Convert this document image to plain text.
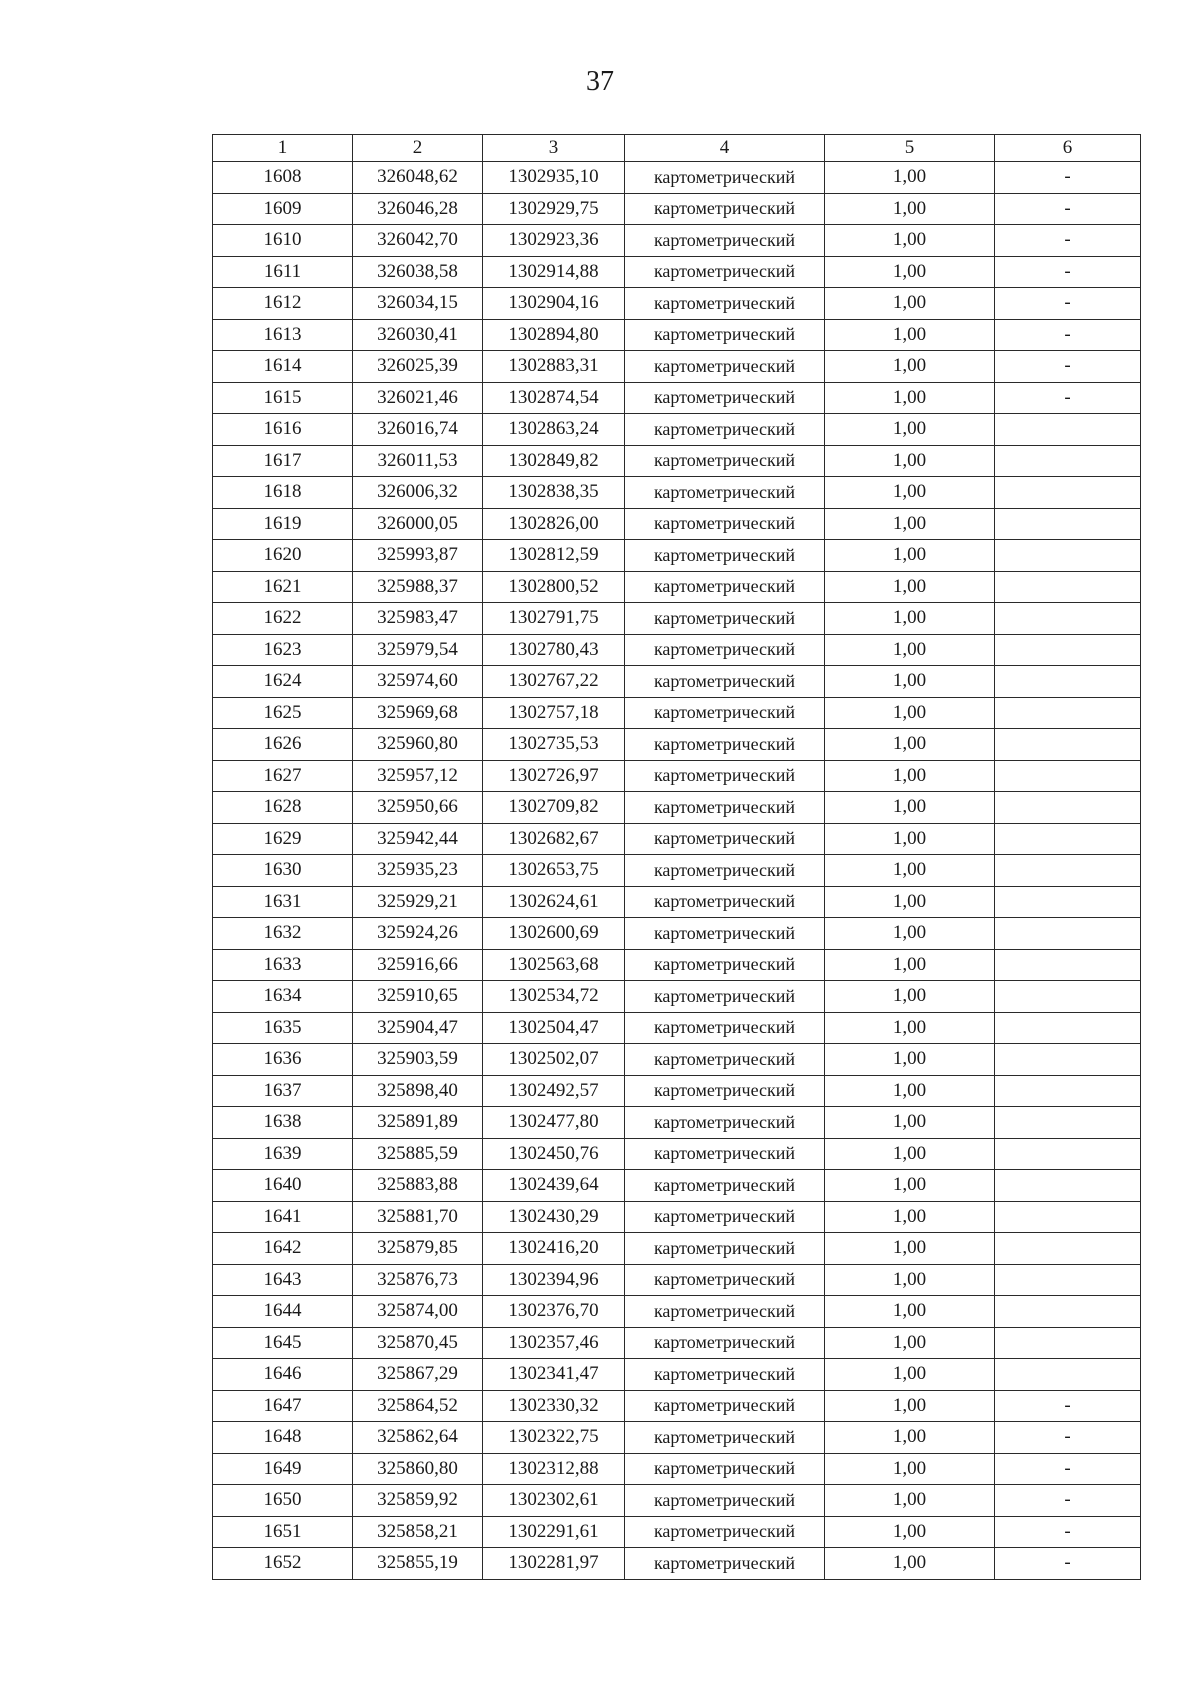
37
1	2	3	4	5	6
1608	326048,62	1302935,10	картометрический	1,00	-
1609	326046,28	1302929,75	картометрический	1,00	-
1610	326042,70	1302923,36	картометрический	1,00	-
1611	326038,58	1302914,88	картометрический	1,00	-
1612	326034,15	1302904,16	картометрический	1,00	-
1613	326030,41	1302894,80	картометрический	1,00	-
1614	326025,39	1302883,31	картометрический	1,00	-
1615	326021,46	1302874,54	картометрический	1,00	-
1616	326016,74	1302863,24	картометрический	1,00	
1617	326011,53	1302849,82	картометрический	1,00	
1618	326006,32	1302838,35	картометрический	1,00	
1619	326000,05	1302826,00	картометрический	1,00	
1620	325993,87	1302812,59	картометрический	1,00	
1621	325988,37	1302800,52	картометрический	1,00	
1622	325983,47	1302791,75	картометрический	1,00	
1623	325979,54	1302780,43	картометрический	1,00	
1624	325974,60	1302767,22	картометрический	1,00	
1625	325969,68	1302757,18	картометрический	1,00	
1626	325960,80	1302735,53	картометрический	1,00	
1627	325957,12	1302726,97	картометрический	1,00	
1628	325950,66	1302709,82	картометрический	1,00	
1629	325942,44	1302682,67	картометрический	1,00	
1630	325935,23	1302653,75	картометрический	1,00	
1631	325929,21	1302624,61	картометрический	1,00	
1632	325924,26	1302600,69	картометрический	1,00	
1633	325916,66	1302563,68	картометрический	1,00	
1634	325910,65	1302534,72	картометрический	1,00	
1635	325904,47	1302504,47	картометрический	1,00	
1636	325903,59	1302502,07	картометрический	1,00	
1637	325898,40	1302492,57	картометрический	1,00	
1638	325891,89	1302477,80	картометрический	1,00	
1639	325885,59	1302450,76	картометрический	1,00	
1640	325883,88	1302439,64	картометрический	1,00	
1641	325881,70	1302430,29	картометрический	1,00	
1642	325879,85	1302416,20	картометрический	1,00	
1643	325876,73	1302394,96	картометрический	1,00	
1644	325874,00	1302376,70	картометрический	1,00	
1645	325870,45	1302357,46	картометрический	1,00	
1646	325867,29	1302341,47	картометрический	1,00	
1647	325864,52	1302330,32	картометрический	1,00	-
1648	325862,64	1302322,75	картометрический	1,00	-
1649	325860,80	1302312,88	картометрический	1,00	-
1650	325859,92	1302302,61	картометрический	1,00	-
1651	325858,21	1302291,61	картометрический	1,00	-
1652	325855,19	1302281,97	картометрический	1,00	-
